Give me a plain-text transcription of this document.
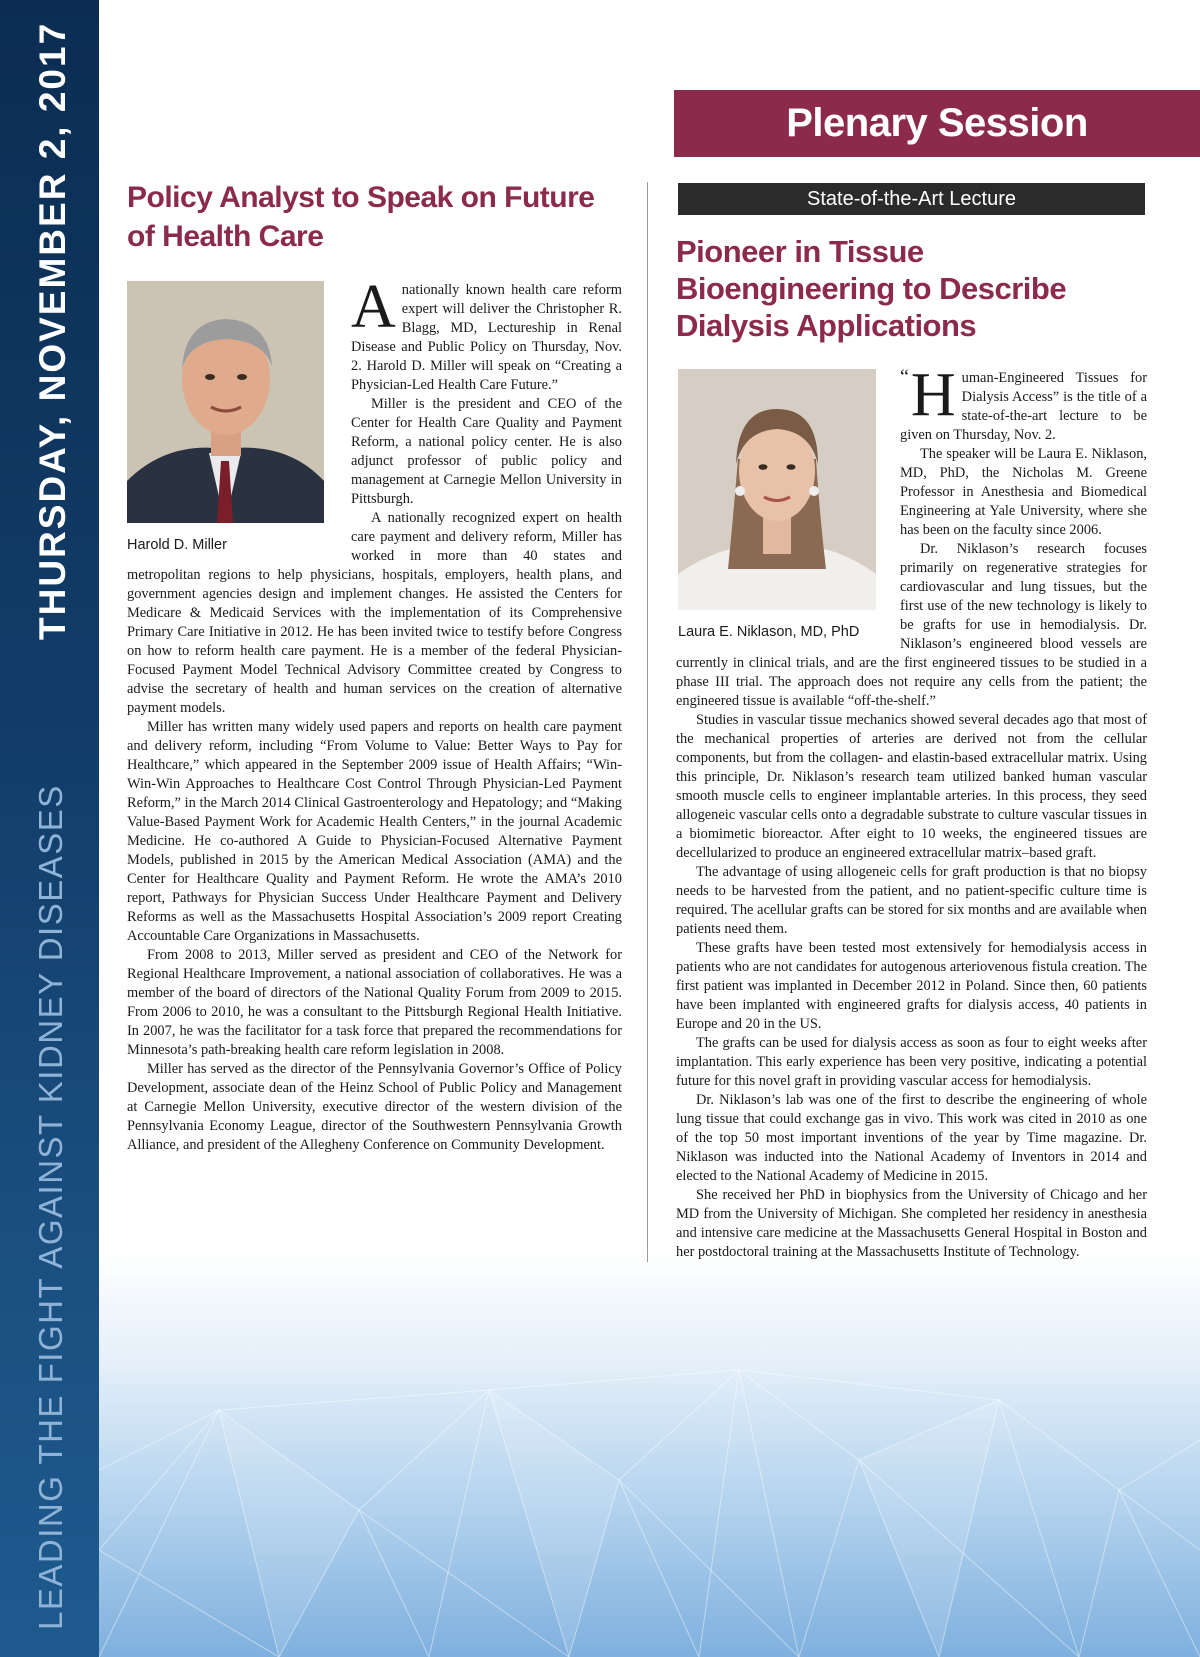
THURSDAY, NOVEMBER 2, 2017
LEADING THE FIGHT AGAINST KIDNEY DISEASES
Policy Analyst to Speak on Future of Health Care
Harold D. Miller

Anationally known health care reform expert will deliver the Christopher R. Blagg, MD, Lectureship in Renal Disease and Public Policy on Thursday, Nov. 2. Harold D. Miller will speak on “Creating a Physician-Led Health Care Future.”

Miller is the president and CEO of the Center for Health Care Quality and Payment Reform, a national policy center. He is also adjunct professor of public policy and management at Carnegie Mellon University in Pittsburgh.

A nationally recognized expert on health care payment and delivery reform, Miller has worked in more than 40 states and metropolitan regions to help physicians, hospitals, employers, health plans, and government agencies design and implement changes. He assisted the Centers for Medicare & Medicaid Services with the implementation of its Comprehensive Primary Care Initiative in 2012. He has been invited twice to testify before Congress on how to reform health care payment. He is a member of the federal Physician-Focused Payment Model Technical Advisory Committee created by Congress to advise the secretary of health and human services on the creation of alternative payment models.

Miller has written many widely used papers and reports on health care payment and delivery reform, including “From Volume to Value: Better Ways to Pay for Healthcare,” which appeared in the September 2009 issue of Health Affairs; “Win-Win-Win Approaches to Healthcare Cost Control Through Physician-Led Payment Reform,” in the March 2014 Clinical Gastroenterology and Hepatology; and “Making Value-Based Payment Work for Academic Health Centers,” in the journal Academic Medicine. He co-authored A Guide to Physician-Focused Alternative Payment Models, published in 2015 by the American Medical Association (AMA) and the Center for Healthcare Quality and Payment Reform. He wrote the AMA’s 2010 report, Pathways for Physician Success Under Healthcare Payment and Delivery Reforms as well as the Massachusetts Hospital Association’s 2009 report Creating Accountable Care Organizations in Massachusetts.

From 2008 to 2013, Miller served as president and CEO of the Network for Regional Healthcare Improvement, a national association of collaboratives. He was a member of the board of directors of the National Quality Forum from 2009 to 2015. From 2006 to 2010, he was a consultant to the Pittsburgh Regional Health Initiative. In 2007, he was the facilitator for a task force that prepared the recommendations for Minnesota’s path-breaking health care reform legislation in 2008.

Miller has served as the director of the Pennsylvania Governor’s Office of Policy Development, associate dean of the Heinz School of Public Policy and Management at Carnegie Mellon University, executive director of the western division of the Pennsylvania Economy League, director of the Southwestern Pennsylvania Growth Alliance, and president of the Allegheny Conference on Community Development.

Plenary Session
State-of-the-Art Lecture
Pioneer in Tissue Bioengineering to Describe Dialysis Applications
Laura E. Niklason, MD, PhD

“ H uman-Engineered Tissues for Dialysis Access” is the title of a state-of-the-art lecture to be given on Thursday, Nov. 2.

The speaker will be Laura E. Niklason, MD, PhD, the Nicholas M. Greene Professor in Anesthesia and Biomedical Engineering at Yale University, where she has been on the faculty since 2006.

Dr. Niklason’s research focuses primarily on regenerative strategies for cardiovascular and lung tissues, but the first use of the new technology is likely to be grafts for use in hemodialysis. Dr. Niklason’s engineered blood vessels are currently in clinical trials, and are the first engineered tissues to be studied in a phase III trial. The approach does not require any cells from the patient; the engineered tissue is available “off-the-shelf.”

Studies in vascular tissue mechanics showed several decades ago that most of the mechanical properties of arteries are derived not from the cellular components, but from the collagen- and elastin-based extracellular matrix. Using this principle, Dr. Niklason’s research team utilized banked human vascular smooth muscle cells to engineer implantable arteries. In this process, they seed allogeneic vascular cells onto a degradable substrate to culture vascular tissues in a biomimetic bioreactor. After eight to 10 weeks, the engineered tissues are decellularized to produce an engineered extracellular matrix–based graft.

The advantage of using allogeneic cells for graft production is that no biopsy needs to be harvested from the patient, and no patient-specific culture time is required. The acellular grafts can be stored for six months and are available when patients need them.

These grafts have been tested most extensively for hemodialysis access in patients who are not candidates for autogenous arteriovenous fistula creation. The first patient was implanted in December 2012 in Poland. Since then, 60 patients have been implanted with engineered grafts for dialysis access, 40 patients in Europe and 20 in the US.

The grafts can be used for dialysis access as soon as four to eight weeks after implantation. This early experience has been very positive, indicating a potential future for this novel graft in providing vascular access for hemodialysis.

Dr. Niklason’s lab was one of the first to describe the engineering of whole lung tissue that could exchange gas in vivo. This work was cited in 2010 as one of the top 50 most important inventions of the year by Time magazine. Dr. Niklason was inducted into the National Academy of Inventors in 2014 and elected to the National Academy of Medicine in 2015.

She received her PhD in biophysics from the University of Chicago and her MD from the University of Michigan. She completed her residency in anesthesia and intensive care medicine at the Massachusetts General Hospital in Boston and her postdoctoral training at the Massachusetts Institute of Technology.
